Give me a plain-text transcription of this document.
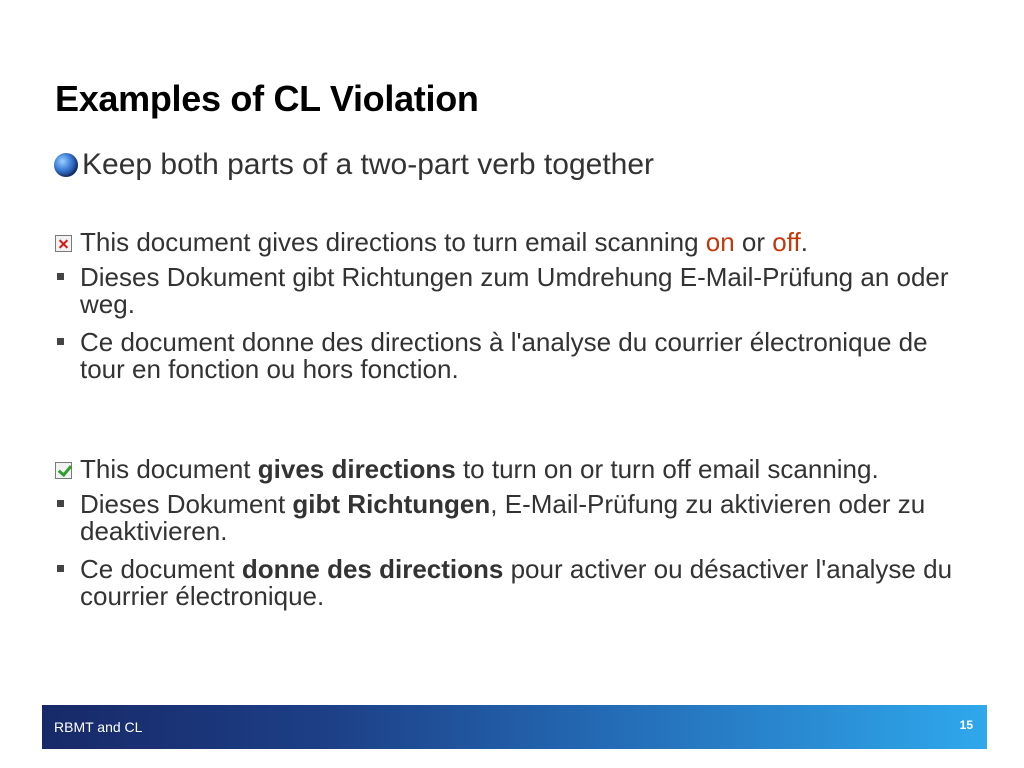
Examples of CL Violation
Keep both parts of a two-part verb together
This document gives directions to turn email scanning on or off.
Dieses Dokument gibt Richtungen zum Umdrehung E-Mail-Prüfung an oder weg.
Ce document donne des directions à l'analyse du courrier électronique de tour en fonction ou hors fonction.
This document gives directions to turn on or turn off email scanning.
Dieses Dokument gibt Richtungen, E-Mail-Prüfung zu aktivieren oder zu deaktivieren.
Ce document donne des directions pour activer ou désactiver l'analyse du courrier électronique.
RBMT and CL	15
